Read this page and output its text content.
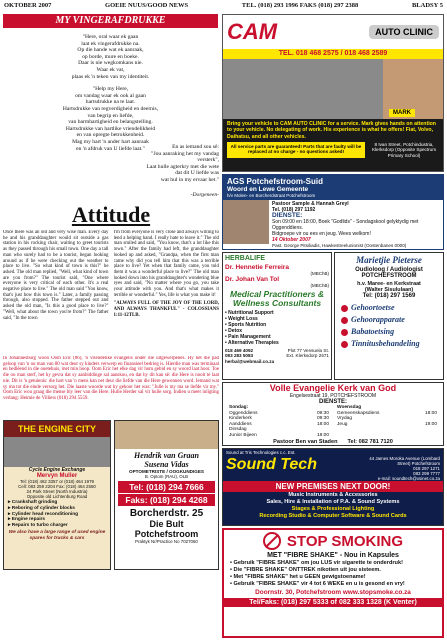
OKTOBER 2007	GOEIE NUUS/GOOD NEWS	TEL. (018) 293 1996 FAKS (018) 297 2388	BLADSY 5
MY VINGERAFDRUKKE
"Here, oral waar ek gaan
laat ek vingerafdrukke na.
Op die hande wat ek aanraak,
op borde, mure en boeke.
Daar is nie wegkomkans nie.
Waar ek vat,
plaas ek 'n teken van my identiteit.
"Help my Here,
om vandag waar ek ook al gaan
hartsdrukke na te laat.
Hartsdrukke van regverdigheid en deernis,
van begrip en liefde,
van barmhartigheid en belangstelling.
Hartsdrukke van hartlike vriendelikheid
en van opregte betrokkenheid.
Mag my hart 'n ander hart aanraak
en 'n afdruk van U liefde laat."	En as iemand sou sê:
"Jou aanraking het my vandag
versterk",
Laat hulle agterkry met die wete
dat dit U liefde was
wat hul in my ervaar het."
-Dorgeneen-
CAM	AUTO CLINIC
TEL. 018 468 2575 / 018 468 2589
MARK
Bring your vehicle to CAM AUTO CLINIC for a service. Mark gives hands on attention to your vehicle. No delegating of work. His experience is what he offers! Fiat, Volvo, Daihatsu, and all other vehicles.
All service parts are guaranteed! Parts that are faulty will be replaced at no charge - no questions asked!
8 Ivan Street, Potchindustria, Klerksdorp (Opposite Spectrum Primary School)
Attitude
Once there was an old and very wise man. Every day he and his granddaughter would sit outside a gas station in his rocking chair, waiting to greet tourists as they passed through his small town. One day a tall man who surely had to be a tourist, began looking around as if he were checking out the weather to place to live. "So what kind of town is this?" he asked. The old man replied, "Well, what kind of town are you from?" The tourist said, "One where everyone is very critical of each other. It's a real negative place to live." The old man said "You know, that's just how this town is." Later, a family passing through, also stopped. The father stepped out and asked the old man, "Is this a good place to live?" "Well, what about the town you're from?" The father said, "In the town
I'm from everyone is very close and always willing to lend a helping hand. I really hate to leave it." The old man smiled and said, "You know, that's a lot like this town." After the family had left, the granddaughter looked up and asked, "Grandpa, when the first man came why did you tell him that this was a terrible place to live? Yet when that family came, you told them it was a wonderful place to live?" The old man looked down into his granddaughter's wondering blue eyes and said, "No matter where you go, you take your attitude with you. And that's what makes it terrible or wonderful." Yes, life is what you make it!
"ALWAYS FULL OF THE JOY OF THE LORD, AND ALWAYS THANKFUL" - COLOSSIANS 1:11-12TLB.
In Johannesburg woon Oom Eric (86), 'n vriendelike evangelis onder die uitgewerpenes. Hy het die pad geloop van 'n ou man van 80 wat deur sy kinders verwerp en finansieel bedrieg is. Hierdie man was terminaal en bedlêend in die ouetehuis, met min hoop. Oom Eric het elke dag vir hom gebid en sy woord laat hoor. Toe die ou man sterf, het hy gevra dat sy aanbiddinge sal aanskou, en dat hy dit kan sê: die Here is nooit te laat nie. Dit is 'n getuienis: die hart van 'n mens kan net deur die liefde van die Here gewonnen word. Iemand wat sy ma tot die einde versorg het. Die laaste woorde wat hy gehoor het was: "Julle is my ma se liefde vir my." Oom Eric wou graag die mense bly leer van die Here. Hulle Herder sal vir hulle sorg. Indien u meer inligting verlang: Heimie de Villiers (018) 294 5559.
AGS Potchefstroom-Suid
Woord en Lewe Gemeente
h/v Molen- en Borcherdstraat Potchefstroom
Pastoor Sample & Hannah Greyl
Tel. (018) 297 1192
DIENSTE:
Son 09:00 en 18:00, Boek "Godlids" - Sondagskool gelyktydig met Oggenddiens.
Bidgroepe vir ou ees en jeug. Wees welkom!
14 Oktober 2007
Past. George Pitsiliadis, Hawkestreelunionist (Oostenbanes 0000)
HERBALIFE
Dr. Hennetie Ferreira
(MBChB)
Dr. Johan Van Tol
(MBChB)
Medical Practitioners & Wellness Consultants
• Nutritional Support
• Weight Loss
• Sports Nutrition
• Detox
• Pain Management
• Alternative Therapies
018 469 4092
083 283 5083
herbal@webmail.co.za
Plot 77 Vensuela St. Ext. Klerksdorp 2571
Marietjie Pieterse
Oudioloog / Audiologist
POTCHEFSTROOM
h.v. Maree- en Kerkstraat
(Walter Sisululaan)
Tel: (018) 297 1569
Gehoortoetse
Gehoorapparate
Babatoetsing
Tinnitusbehandeling
Volle Evangelie Kerk van God
Engelsestraat 19, POTCHEFSTROOM
DIENSTE:
Sondag:
Oggenddiens	09:30
Kinderkerk	09:30
Aanddiens	18:00
Dinsdag
Junior Bijeen	18:00
Woensdag
Gemeenskapsdiens	18:00
Vrydag
Jeug	19:00
Pastoor Ben van Staden Tel: 082 781 7120
THE ENGINE CITY
Cycle Engine Exchange
Mervyn Muller
Tel: (018) 462 3357 or (018) 464 1979
Cell: 083 259 2204 Fax: (018) 464 2550
24 Park Street (North Industria)
Opposite old Lichtenburg Road
▸ Crankshaft grinding
▸ Reboring of cylinder blocks
▸ Cylinder head reconditioning
▸ Engine repairs
▸ Repairs to turbo charger
We also have a large range of used engine spares for trucks & cars
Hendrik van Graan
Susena Vidas
OPTOMETRISTE / OOGKUNDIGES
B. Optom (RAU), OLB
Tel: (018) 294 7666
Faks: (018) 294 4268
Borcherdstr. 25
Die Bult
Potchefstroom
Praktyk Nr/Practice No 7027060
Sound at Tris Technologies c.c. Est.
Sound Tech	44 James Moroka Avenue (Lombard Street) Potchefstroom
018 297 1271
083 299 7777
e-mail: soundtech@xsinet.co.za
NEW PREMISES NEXT DOOR!
Music Instruments & Accessories
Sales, Hire & Installation of P.A. & Sound Systems
Stages & Professional Lighting
Recording Studio & Computer Software & Sound Cards
STOP SMOKING
MET "FIBRE SHAKE" - Nou in Kapsules
• Gebruik "FIBRE SHAKE" om jou LUS vir sigarette te onderdruk!
• Die "FIBRE SHAKE" ONTTREK nikotien uit jou sisteem.
• Met "FIBRE SHAKE" het u GEEN gewigstoename!
• Gebruik "FIBRE SHAKE" vir 4 tot 6 WEKE en u is gesond en vry!
Doornstr. 30, Potchefstroom www.stopsmoke.co.za
Tel/Faks: (018) 297 5333 of 082 333 1328 (K Venter)
